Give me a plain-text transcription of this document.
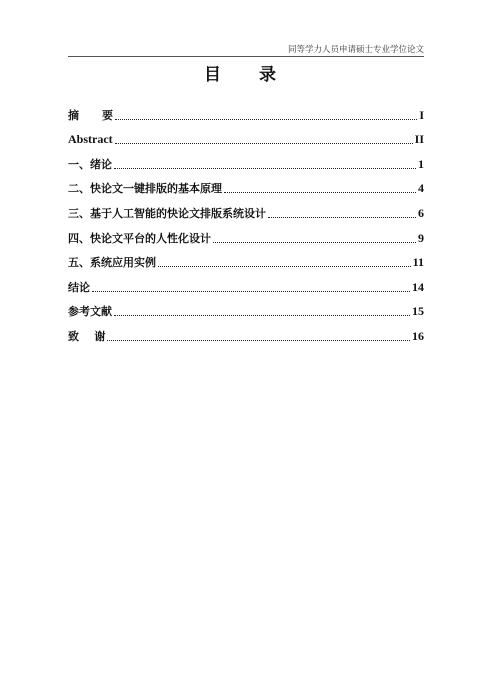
同等学力人员申请硕士专业学位论文
目 录
摘      要	I
Abstract	II
一、绪论	1
二、快论文一键排版的基本原理	4
三、基于人工智能的快论文排版系统设计	6
四、快论文平台的人性化设计	9
五、系统应用实例	11
结论	14
参考文献	15
致    谢	16
